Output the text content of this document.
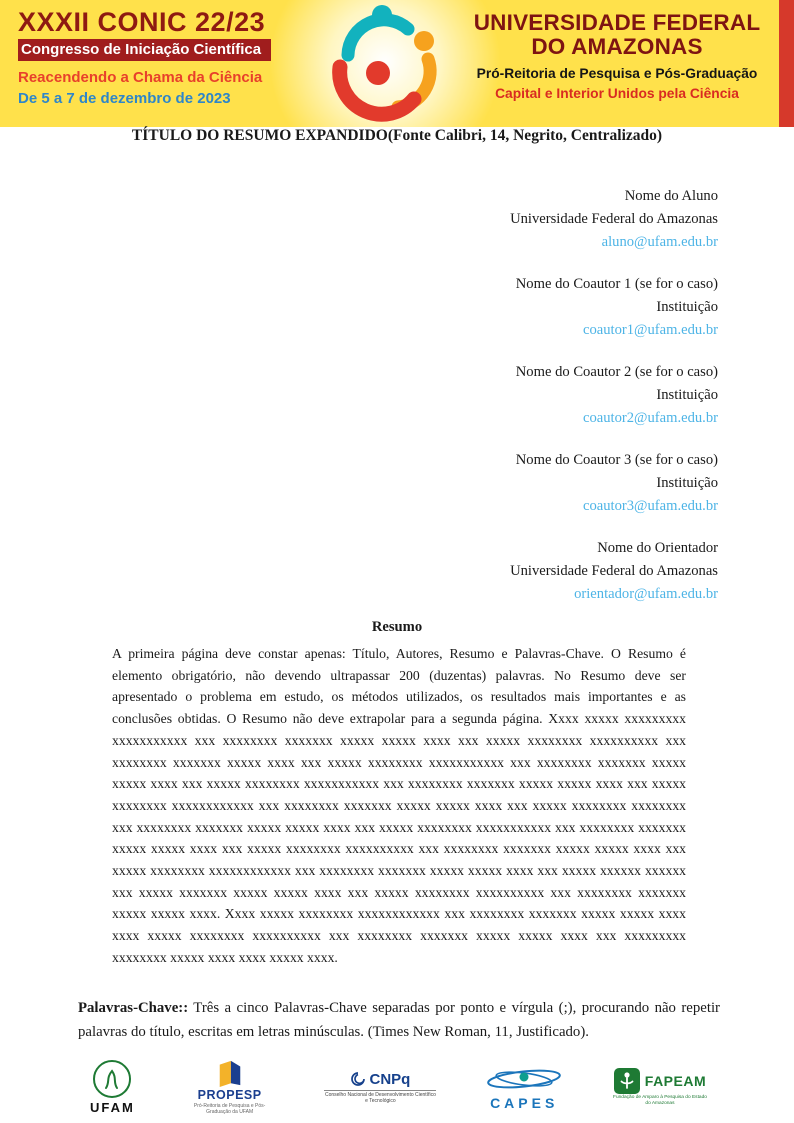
XXXII CONIC 22/23
Congresso de Iniciação Científica
Reacendendo a Chama da Ciência
De 5 a 7 de dezembro de 2023
UNIVERSIDADE FEDERAL
DO AMAZONAS
Pró-Reitoria de Pesquisa e Pós-Graduação
Capital e Interior Unidos pela Ciência
TÍTULO DO RESUMO EXPANDIDO(Fonte Calibri, 14, Negrito, Centralizado)
Nome do Aluno
Universidade Federal do Amazonas
aluno@ufam.edu.br
Nome do Coautor 1 (se for o caso)
Instituição
coautor1@ufam.edu.br
Nome do Coautor 2 (se for o caso)
Instituição
coautor2@ufam.edu.br
Nome do Coautor 3 (se for o caso)
Instituição
coautor3@ufam.edu.br
Nome do Orientador
Universidade Federal do Amazonas
orientador@ufam.edu.br
Resumo

A primeira página deve constar apenas: Título, Autores, Resumo e Palavras-Chave. O Resumo é elemento obrigatório, não devendo ultrapassar 200 (duzentas) palavras. No Resumo deve ser apresentado o problema em estudo, os métodos utilizados, os resultados mais importantes e as conclusões obtidas. O Resumo não deve extrapolar para a segunda página. Xxxx xxxxx xxxxxxxxx xxxxxxxxxxx xxx xxxxxxxx xxxxxxx xxxxx xxxxx xxxx xxx xxxxx xxxxxxxx xxxxxxxxxx xxx xxxxxxxx xxxxxxx xxxxx xxxx xxx xxxxx xxxxxxxx xxxxxxxxxxx xxx xxxxxxxx xxxxxxx xxxxx xxxxx xxxx xxx xxxxx xxxxxxxx xxxxxxxxxxx xxx xxxxxxxx xxxxxxx xxxxx xxxxx xxxx xxx xxxxx xxxxxxxx xxxxxxxxxxxx xxx xxxxxxxx xxxxxxx xxxxx xxxxx xxxx xxx xxxxx xxxxxxxx xxxxxxxx xxx xxxxxxxx xxxxxxx xxxxx xxxxx xxxx xxx xxxxx xxxxxxxx xxxxxxxxxxx xxx xxxxxxxx xxxxxxx xxxxx xxxxx xxxx xxx xxxxx xxxxxxxx xxxxxxxxxx xxx xxxxxxxx xxxxxxx xxxxx xxxxx xxxx xxx xxxxx xxxxxxxx xxxxxxxxxxxx xxx xxxxxxxx xxxxxxx xxxxx xxxxx xxxx xxx xxxxx xxxxxx xxxxxx xxx xxxxx xxxxxxx xxxxx xxxxx xxxx xxx xxxxx xxxxxxxx xxxxxxxxxx xxx xxxxxxxx xxxxxxx xxxxx xxxxx xxxx. Xxxx xxxxx xxxxxxxx xxxxxxxxxxxx xxx xxxxxxxx xxxxxxx xxxxx xxxxx xxxx xxxx xxxxx xxxxxxxx xxxxxxxxxx xxx xxxxxxxx xxxxxxx xxxxx xxxxx xxxx xxx xxxxxxxxx xxxxxxxx xxxxx xxxx xxxx xxxxx xxxx.

Palavras-Chave:: Três a cinco Palavras-Chave separadas por ponto e vírgula (;), procurando não repetir palavras do título, escritas em letras minúsculas. (Times New Roman, 11, Justificado).

UFAM
PROPESP
Pró-Reitoria de Pesquisa e Pós-Graduação da UFAM
CNPq
Conselho Nacional de Desenvolvimento Científico e Tecnológico	CAPES
FAPEAM
Fundação de Amparo à Pesquisa do Estado do Amazonas
